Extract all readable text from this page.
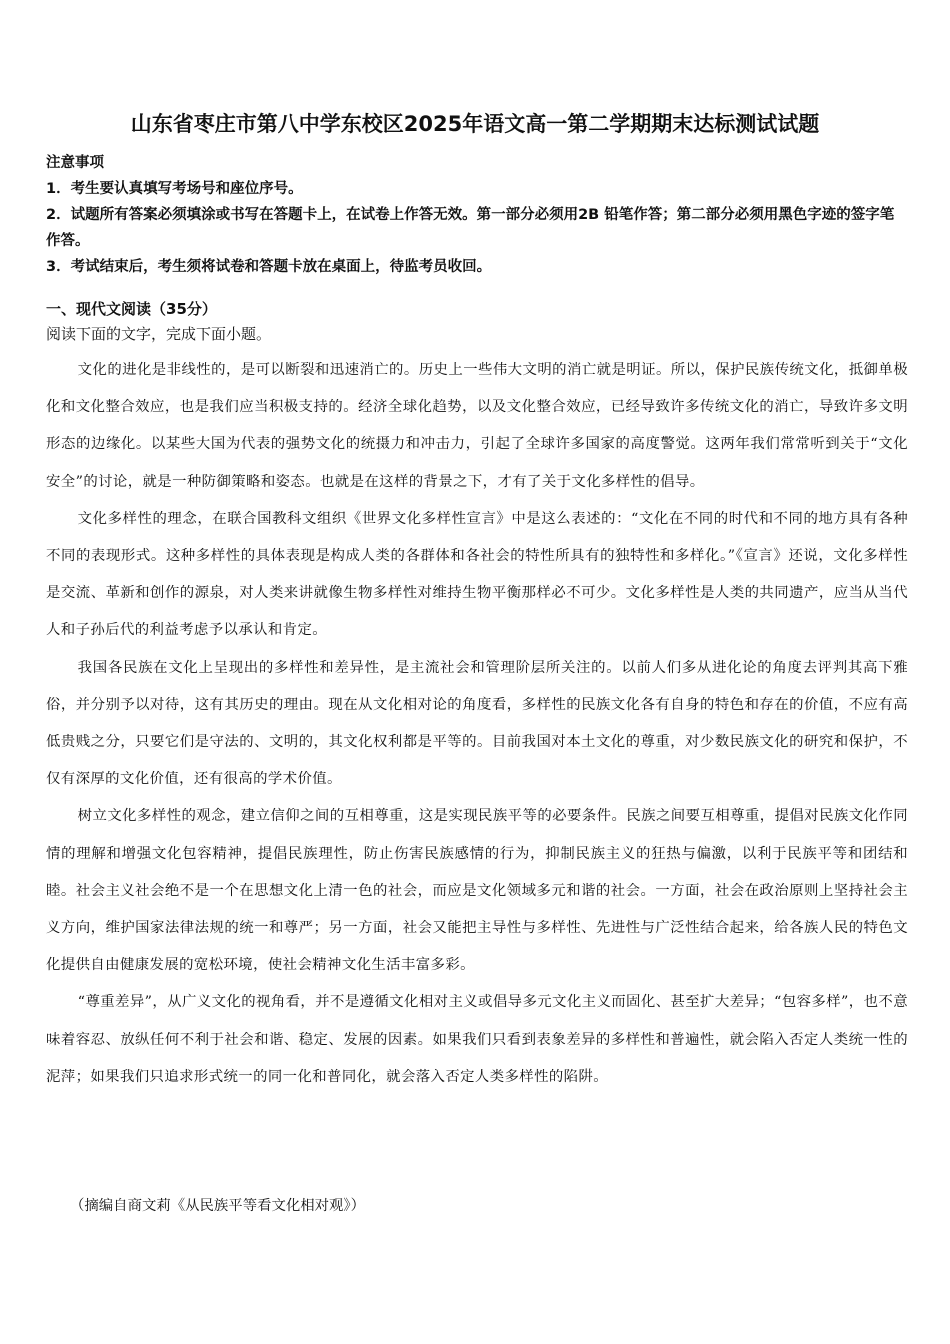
山东省枣庄市第八中学东校区2025年语文高一第二学期期末达标测试试题
注意事项
1．考生要认真填写考场号和座位序号。
2．试题所有答案必须填涂或书写在答题卡上，在试卷上作答无效。第一部分必须用2B 铅笔作答；第二部分必须用黑色字迹的签字笔作答。
3．考试结束后，考生须将试卷和答题卡放在桌面上，待监考员收回。
一、现代文阅读（35分）
阅读下面的文字，完成下面小题。

文化的进化是非线性的，是可以断裂和迅速消亡的。历史上一些伟大文明的消亡就是明证。所以，保护民族传统文化，抵御单极化和文化整合效应，也是我们应当积极支持的。经济全球化趋势，以及文化整合效应，已经导致许多传统文化的消亡，导致许多文明形态的边缘化。以某些大国为代表的强势文化的统摄力和冲击力，引起了全球许多国家的高度警觉。这两年我们常常听到关于“文化安全”的讨论，就是一种防御策略和姿态。也就是在这样的背景之下，才有了关于文化多样性的倡导。

文化多样性的理念，在联合国教科文组织《世界文化多样性宣言》中是这么表述的：“文化在不同的时代和不同的地方具有各种不同的表现形式。这种多样性的具体表现是构成人类的各群体和各社会的特性所具有的独特性和多样化。”《宣言》还说，文化多样性是交流、革新和创作的源泉，对人类来讲就像生物多样性对维持生物平衡那样必不可少。文化多样性是人类的共同遗产，应当从当代人和子孙后代的利益考虑予以承认和肯定。

我国各民族在文化上呈现出的多样性和差异性，是主流社会和管理阶层所关注的。以前人们多从进化论的角度去评判其高下雅俗，并分别予以对待，这有其历史的理由。现在从文化相对论的角度看，多样性的民族文化各有自身的特色和存在的价值，不应有高低贵贱之分，只要它们是守法的、文明的，其文化权利都是平等的。目前我国对本土文化的尊重，对少数民族文化的研究和保护，不仅有深厚的文化价值，还有很高的学术价值。

树立文化多样性的观念，建立信仰之间的互相尊重，这是实现民族平等的必要条件。民族之间要互相尊重，提倡对民族文化作同情的理解和增强文化包容精神，提倡民族理性，防止伤害民族感情的行为，抑制民族主义的狂热与偏激，以利于民族平等和团结和睦。社会主义社会绝不是一个在思想文化上清一色的社会，而应是文化领域多元和谐的社会。一方面，社会在政治原则上坚持社会主义方向，维护国家法律法规的统一和尊严；另一方面，社会又能把主导性与多样性、先进性与广泛性结合起来，给各族人民的特色文化提供自由健康发展的宽松环境，使社会精神文化生活丰富多彩。

“尊重差异”，从广义文化的视角看，并不是遵循文化相对主义或倡导多元文化主义而固化、甚至扩大差异；“包容多样”，也不意味着容忍、放纵任何不利于社会和谐、稳定、发展的因素。如果我们只看到表象差异的多样性和普遍性，就会陷入否定人类统一性的泥萍；如果我们只追求形式统一的同一化和普同化，就会落入否定人类多样性的陷阱。

（摘编自商文莉《从民族平等看文化相对观》）
